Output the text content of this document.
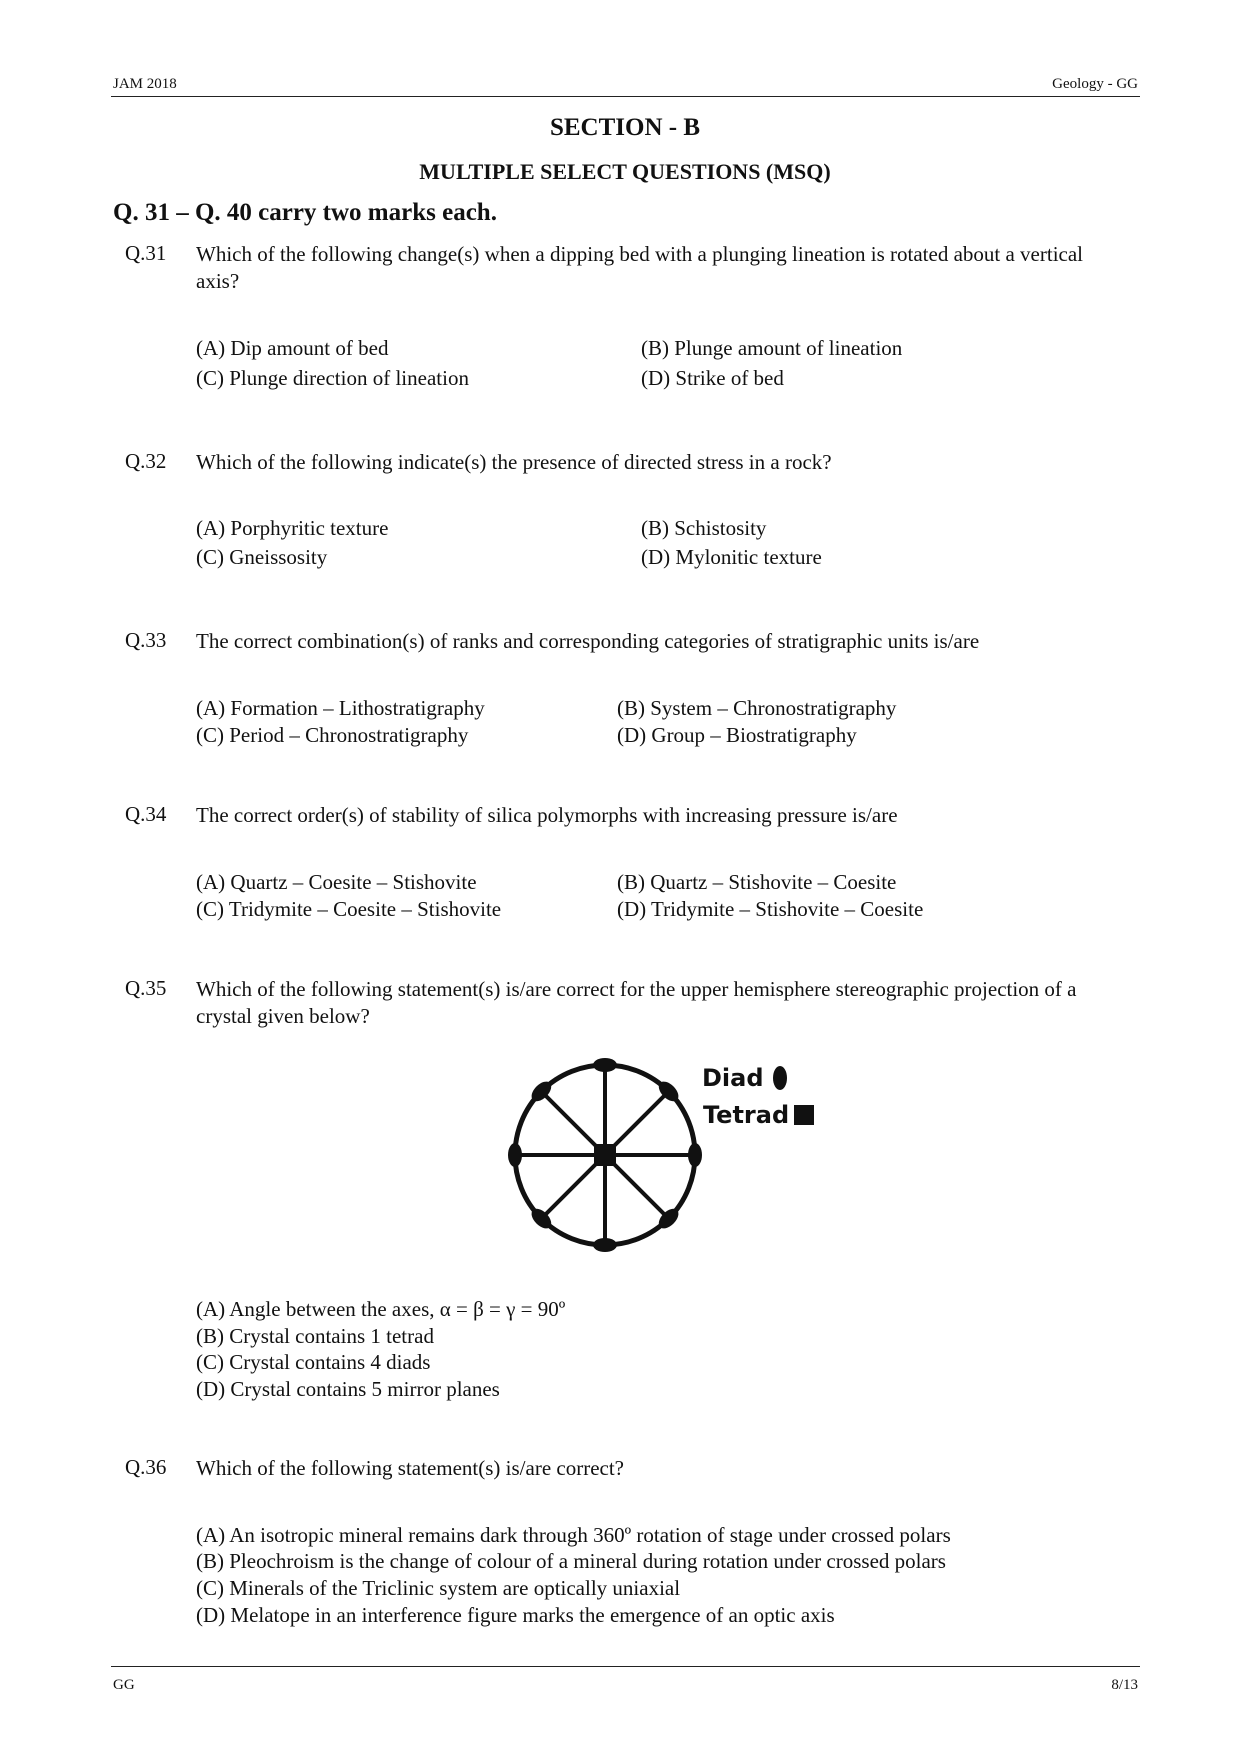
JAM 2018	Geology - GG
SECTION - B
MULTIPLE SELECT QUESTIONS (MSQ)
Q. 31 – Q. 40 carry two marks each.
Q.31 Which of the following change(s) when a dipping bed with a plunging lineation is rotated about a vertical axis?
(A) Dip amount of bed	(B) Plunge amount of lineation
(C) Plunge direction of lineation	(D) Strike of bed
Q.32 Which of the following indicate(s) the presence of directed stress in a rock?
(A) Porphyritic texture	(B) Schistosity
(C) Gneissosity	(D) Mylonitic texture
Q.33 The correct combination(s) of ranks and corresponding categories of stratigraphic units is/are
(A) Formation – Lithostratigraphy	(B) System – Chronostratigraphy
(C) Period – Chronostratigraphy	(D) Group – Biostratigraphy
Q.34 The correct order(s) of stability of silica polymorphs with increasing pressure is/are
(A) Quartz – Coesite – Stishovite	(B) Quartz – Stishovite – Coesite
(C) Tridymite – Coesite – Stishovite	(D) Tridymite – Stishovite – Coesite
Q.35 Which of the following statement(s) is/are correct for the upper hemisphere stereographic projection of a crystal given below?
Diad
Tetrad
(A) Angle between the axes, α = β = γ = 90º
(B) Crystal contains 1 tetrad
(C) Crystal contains 4 diads
(D) Crystal contains 5 mirror planes
Q.36 Which of the following statement(s) is/are correct?
(A) An isotropic mineral remains dark through 360º rotation of stage under crossed polars
(B) Pleochroism is the change of colour of a mineral during rotation under crossed polars
(C) Minerals of the Triclinic system are optically uniaxial
(D) Melatope in an interference figure marks the emergence of an optic axis
GG	8/13
